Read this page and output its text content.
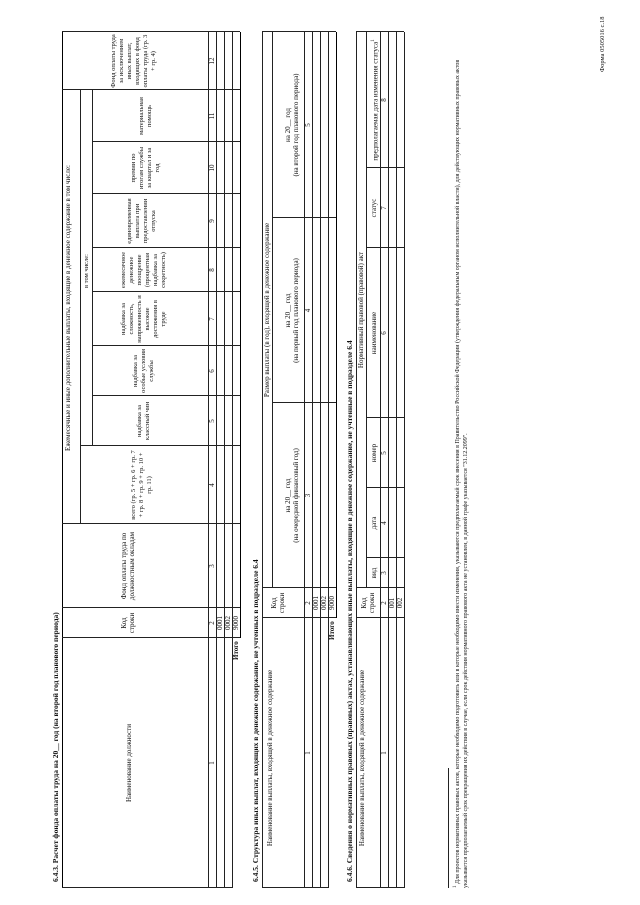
Форма 0505016 с.18
6.4.3. Расчет фонда оплаты труда на 20__ год (на второй год планового периода)	Наименование должности
Код строки
Фонд оплаты труда по должностным окладам
Ежемесячные и иные дополнительные выплаты, входящие в денежное содержание в том числе:
всего (гр. 5 + гр. 6 + гр. 7 + гр. 8 + гр. 9 + гр. 10 + гр. 11)
в том числе:
надбавка за классный чин
надбавка за особые условия службы
надбавка за сложность, напряженность и высокие достижения в труде
ежемесячное денежное поощрение (процентная надбавка за секретность)
единовременная выплата при предоставлении отпуска
премии по итогам службы за квартал и за год
материальная помощь
Фонд оплаты труда за исключением иных выплат, входящих в фонд оплаты труда (гр. 3 + гр. 4)
1
2
3
4
5
6
7
8
9
10
11
12
0001 0002
Итого
9000 6.4.5. Структура иных выплат, входящих в денежное содержание, не учтенных в подразделе 6.4 Наименование выплаты, входящей в денежное содержание
Код строки
Размер выплаты (в год), входящей в денежное содержание
на 20__ год (на очередной финансовый год)
на 20__ год (на первый год планового периода)
на 20__ год (на второй год планового периода)
1
2
3
4
5
0001 0002
Итого
9000 6.4.6. Сведения о нормативных правовых (правовых) актах, устанавливающих иные выплаты, входящие в денежное содержание, не учтенные в подразделе 6.4 Наименование выплаты, входящей в денежное содержание
Код строки
Нормативный правовой (правовой) акт
вид
дата
номер
наименование
статус
предполагаемая дата изменения статуса$^1$
1
2
3
4
5
6
7
8
001 002
$^1$ Для проектов нормативных правовых актов, которые необходимо подготовить или в которые необходимо внести изменения, указываются предполагаемый срок внесения в Правительство Российской Федерации (утверждения федеральным органом исполнительной власти), для действующих нормативных правовых актов указывается предполагаемый срок прекращения их действия в случае, если срок действия нормативного правового акта не установлен, в данной графе указывается "31.12.2099".
